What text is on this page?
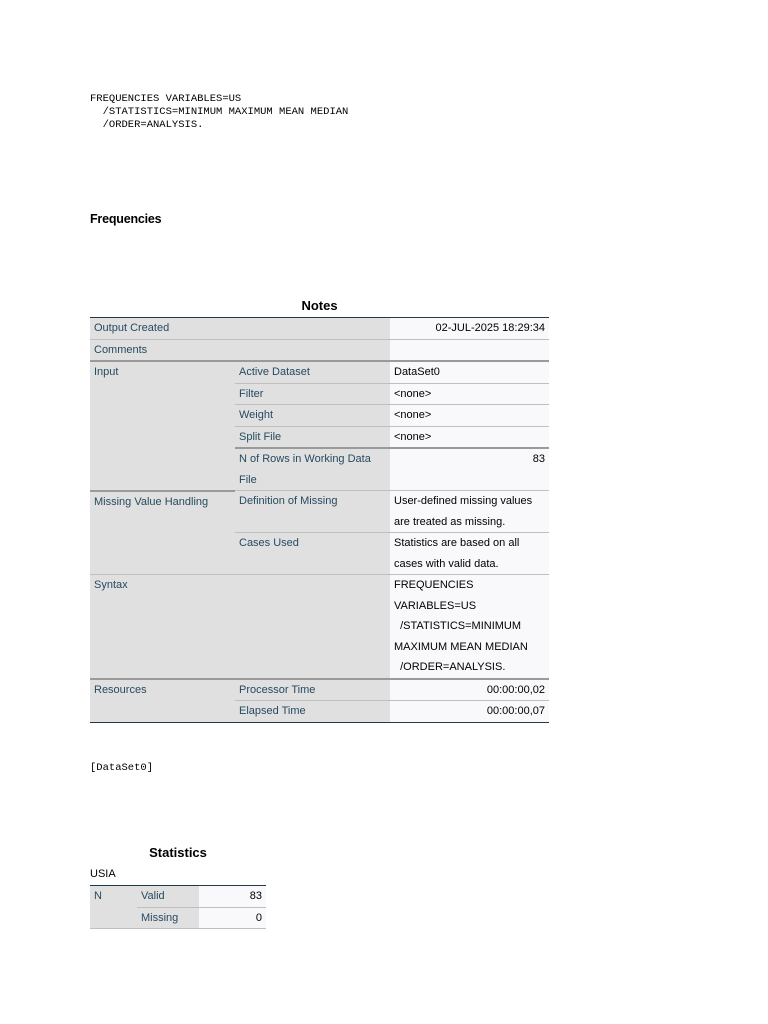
FREQUENCIES VARIABLES=US
/STATISTICS=MINIMUM MAXIMUM MEAN MEDIAN
/ORDER=ANALYSIS.
Frequencies
Notes
Output Created		02-JUL-2025 18:29:34
Comments		
Input	Active Dataset	DataSet0
	Filter	<none>
	Weight	<none>
	Split File	<none>
	N of Rows in Working Data File	83
Missing Value Handling	Definition of Missing	User-defined missing values are treated as missing.
	Cases Used	Statistics are based on all cases with valid data.
Syntax		FREQUENCIES VARIABLES=US
/STATISTICS=MINIMUM MAXIMUM MEAN MEDIAN
/ORDER=ANALYSIS.
Resources	Processor Time	00:00:00,02
	Elapsed Time	00:00:00,07
[DataSet0]
Statistics
USIA
N	Valid	83
	Missing	0
